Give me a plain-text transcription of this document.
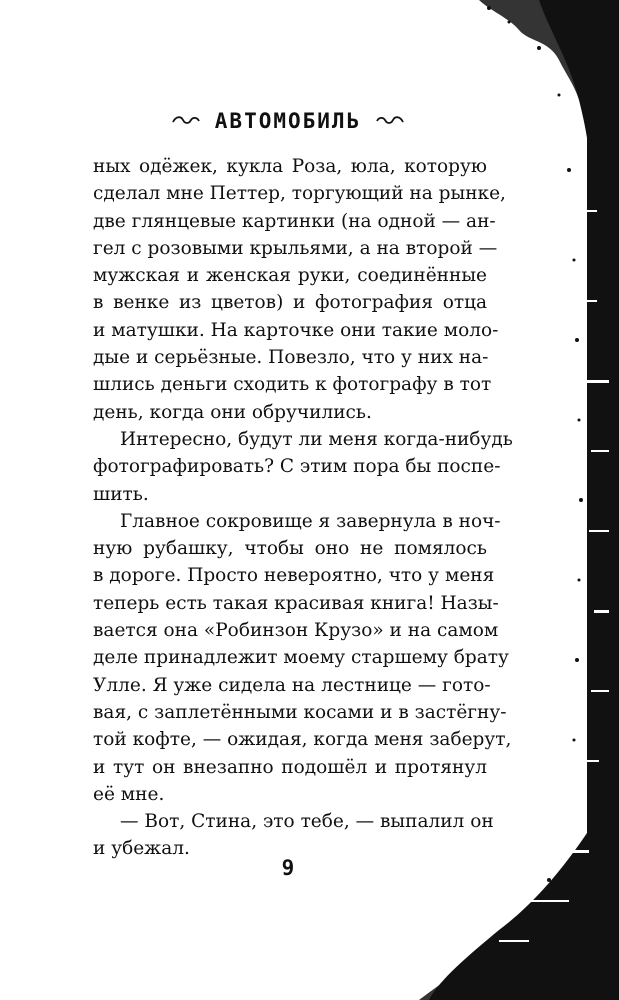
АВТОМОБИЛЬ
ных одёжек, кукла Роза, юла, которую
сделал мне Петтер, торгующий на рынке,
две глянцевые картинки (на одной — ан-
гел с розовыми крыльями, а на второй —
мужская и женская руки, соединённые
в венке из цветов) и фотография отца
и матушки. На карточке они такие моло-
дые и серьёзные. Повезло, что у них на-
шлись деньги сходить к фотографу в тот
день, когда они обручились.
Интересно, будут ли меня когда-нибудь
фотографировать? С этим пора бы поспе-
шить.
Главное сокровище я завернула в ноч-
ную рубашку, чтобы оно не помялось
в дороге. Просто невероятно, что у меня
теперь есть такая красивая книга! Назы-
вается она «Робинзон Крузо» и на самом
деле принадлежит моему старшему брату
Улле. Я уже сидела на лестнице — гото-
вая, с заплетёнными косами и в застёгну-
той кофте, — ожидая, когда меня заберут,
и тут он внезапно подошёл и протянул
её мне.
— Вот, Стина, это тебе, — выпалил он
и убежал.
9
